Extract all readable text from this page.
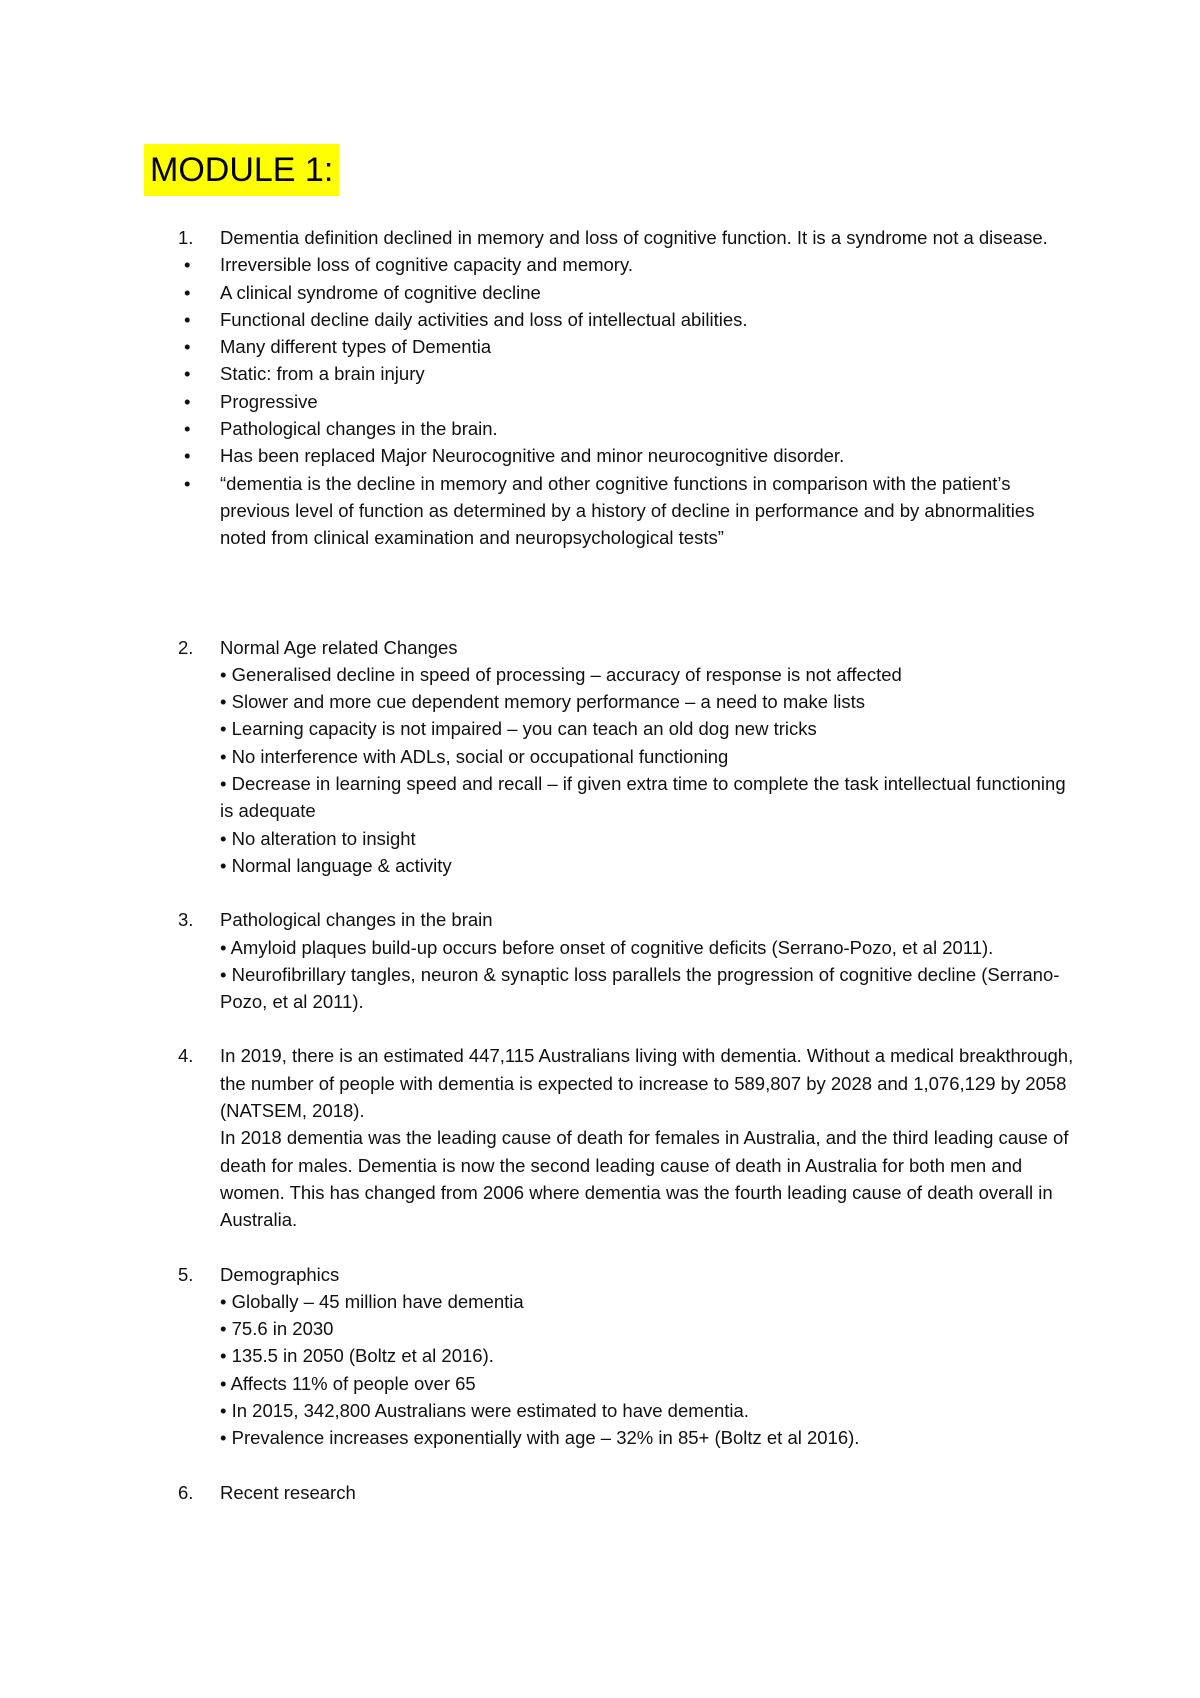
MODULE 1:
1. Dementia definition declined in memory and loss of cognitive function. It is a syndrome not a disease.
• Irreversible loss of cognitive capacity and memory.
• A clinical syndrome of cognitive decline
• Functional decline daily activities and loss of intellectual abilities.
• Many different types of Dementia
• Static: from a brain injury
• Progressive
• Pathological changes in the brain.
• Has been replaced Major Neurocognitive and minor neurocognitive disorder.
• “dementia is the decline in memory and other cognitive functions in comparison with the patient’s previous level of function as determined by a history of decline in performance and by abnormalities noted from clinical examination and neuropsychological tests”
2. Normal Age related Changes
• Generalised decline in speed of processing – accuracy of response is not affected
• Slower and more cue dependent memory performance – a need to make lists
• Learning capacity is not impaired – you can teach an old dog new tricks
• No interference with ADLs, social or occupational functioning
• Decrease in learning speed and recall – if given extra time to complete the task intellectual functioning is adequate
• No alteration to insight
• Normal language & activity
3. Pathological changes in the brain
• Amyloid plaques build-up occurs before onset of cognitive deficits (Serrano-Pozo, et al 2011).
• Neurofibrillary tangles, neuron & synaptic loss parallels the progression of cognitive decline (Serrano-Pozo, et al 2011).
4. In 2019, there is an estimated 447,115 Australians living with dementia. Without a medical breakthrough, the number of people with dementia is expected to increase to 589,807 by 2028 and 1,076,129 by 2058 (NATSEM, 2018).
In 2018 dementia was the leading cause of death for females in Australia, and the third leading cause of death for males. Dementia is now the second leading cause of death in Australia for both men and women. This has changed from 2006 where dementia was the fourth leading cause of death overall in Australia.
5. Demographics
• Globally – 45 million have dementia
• 75.6 in 2030
• 135.5 in 2050 (Boltz et al 2016).
• Affects 11% of people over 65
• In 2015, 342,800 Australians were estimated to have dementia.
• Prevalence increases exponentially with age – 32% in 85+ (Boltz et al 2016).
6. Recent research
